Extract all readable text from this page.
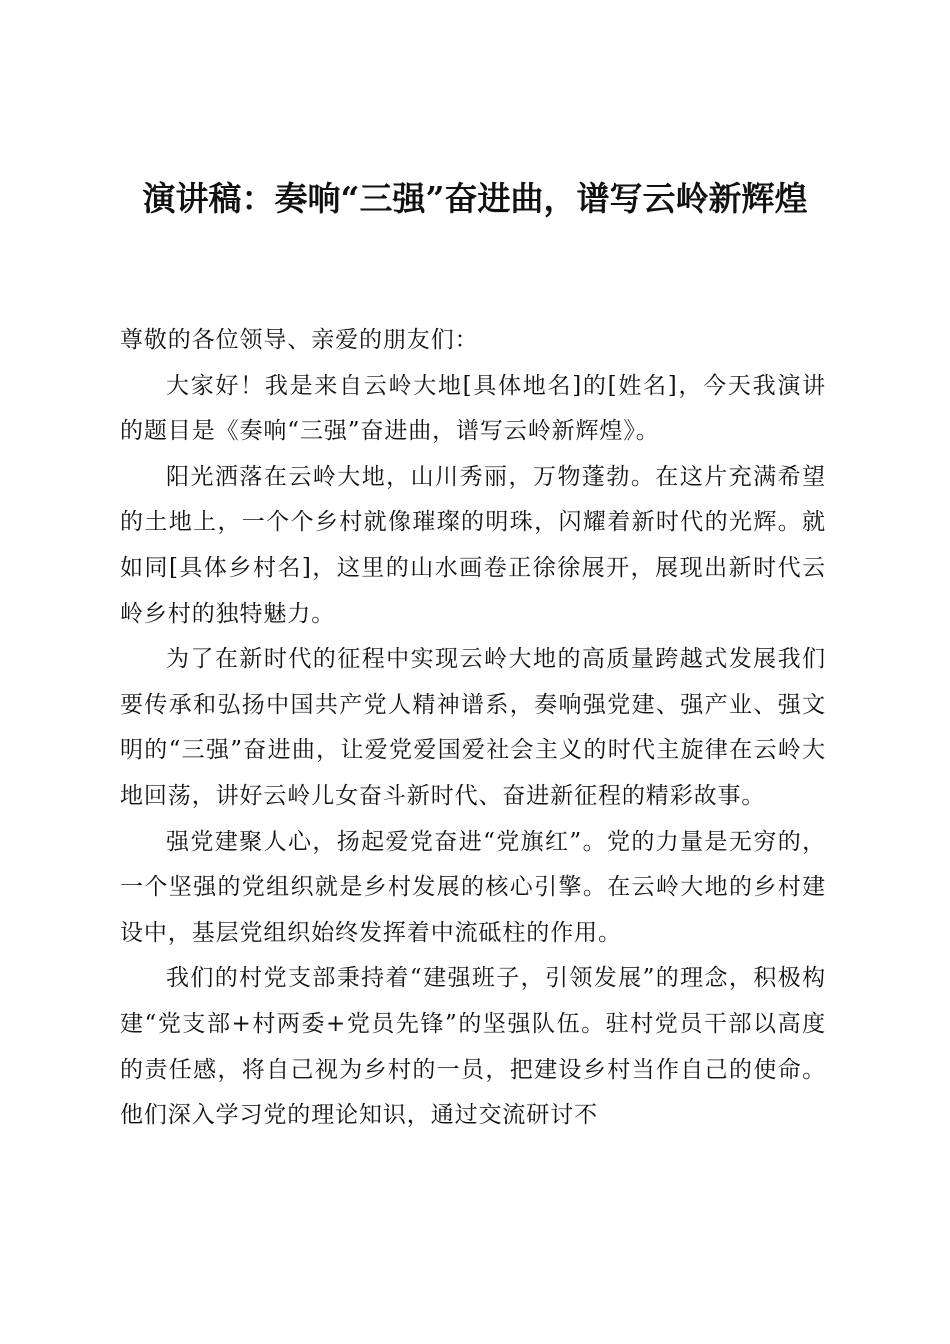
演讲稿：奏响“三强”奋进曲，谱写云岭新辉煌

尊敬的各位领导、亲爱的朋友们：

大家好！我是来自云岭大地[具体地名]的[姓名]，今天我演讲的题目是《奏响“三强”奋进曲，谱写云岭新辉煌》。

阳光洒落在云岭大地，山川秀丽，万物蓬勃。在这片充满希望的土地上，一个个乡村就像璀璨的明珠，闪耀着新时代的光辉。就如同[具体乡村名]，这里的山水画卷正徐徐展开，展现出新时代云岭乡村的独特魅力。

为了在新时代的征程中实现云岭大地的高质量跨越式发展我们要传承和弘扬中国共产党人精神谱系，奏响强党建、强产业、强文明的“三强”奋进曲，让爱党爱国爱社会主义的时代主旋律在云岭大地回荡，讲好云岭儿女奋斗新时代、奋进新征程的精彩故事。

强党建聚人心，扬起爱党奋进“党旗红”。党的力量是无穷的，一个坚强的党组织就是乡村发展的核心引擎。在云岭大地的乡村建设中，基层党组织始终发挥着中流砥柱的作用。

我们的村党支部秉持着“建强班子，引领发展”的理念，积极构建“党支部+村两委+党员先锋”的坚强队伍。驻村党员干部以高度的责任感，将自己视为乡村的一员，把建设乡村当作自己的使命。他们深入学习党的理论知识，通过交流研讨不
